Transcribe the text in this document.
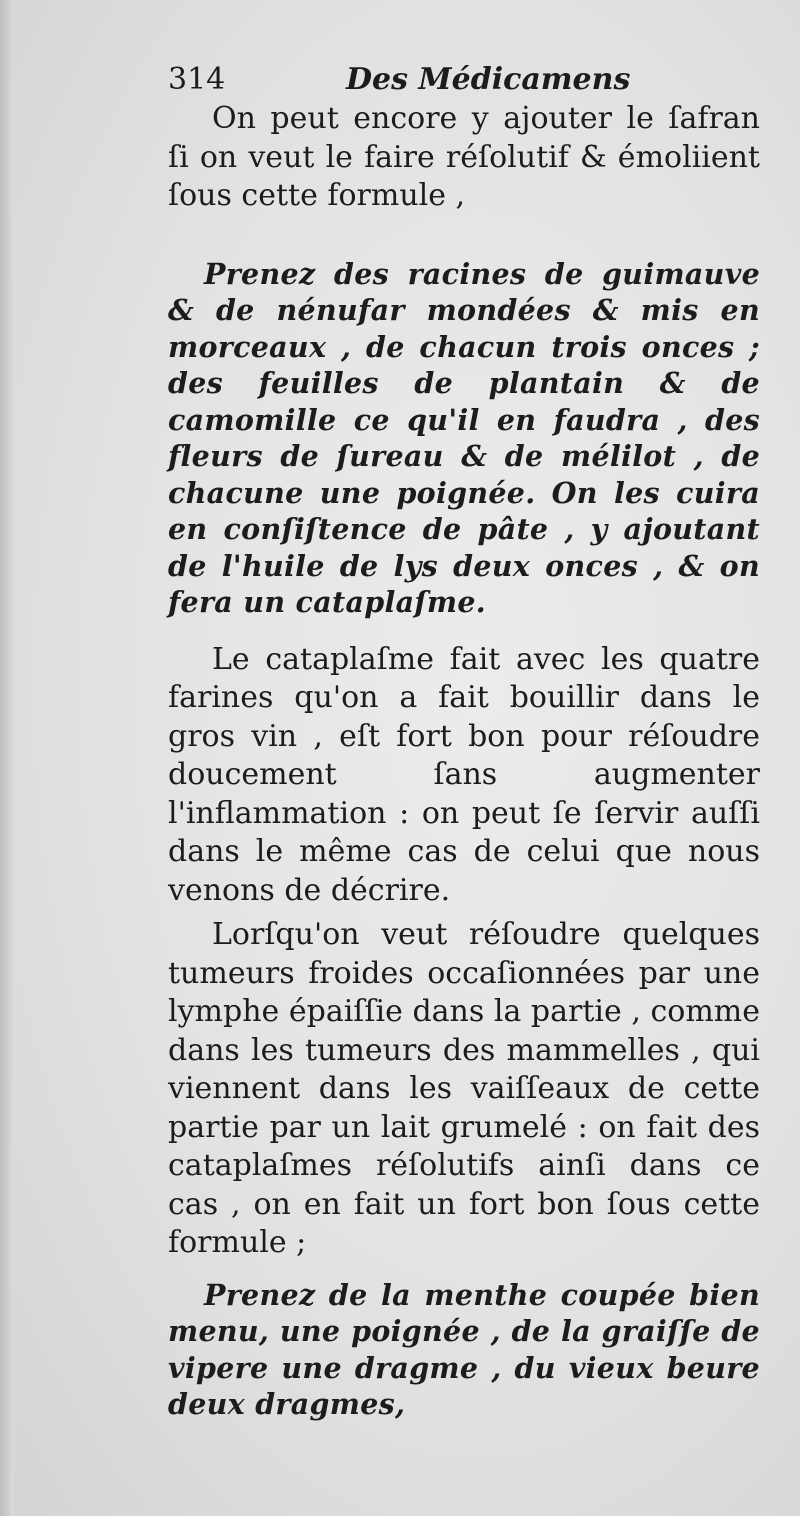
314	Des Médicamens

On peut encore y ajouter le ſafran ſi on veut le faire réſolutif & émoliient ſous cette formule ,

Prenez des racines de guimauve & de nénufar mondées & mis en morceaux , de chacun trois onces ; des feuilles de plantain & de camomille ce qu'il en faudra , des fleurs de ſureau & de mélilot , de chacune une poignée. On les cuira en conſiſtence de pâte , y ajoutant de l'huile de lys deux onces , & on fera un cataplaſme.

Le cataplaſme fait avec les quatre farines qu'on a fait bouillir dans le gros vin , eſt fort bon pour réſoudre doucement ſans augmenter l'inflammation : on peut ſe ſervir auſſi dans le même cas de celui que nous venons de décrire.

Lorſqu'on veut réſoudre quelques tumeurs froides occaſionnées par une lymphe épaiſſie dans la partie , comme dans les tumeurs des mammelles , qui viennent dans les vaiſſeaux de cette partie par un lait grumelé : on fait des cataplaſmes réſolutifs ainſi dans ce cas , on en fait un fort bon ſous cette formule ;

Prenez de la menthe coupée bien menu, une poignée , de la graiſſe de vipere une dragme , du vieux beure deux dragmes,
